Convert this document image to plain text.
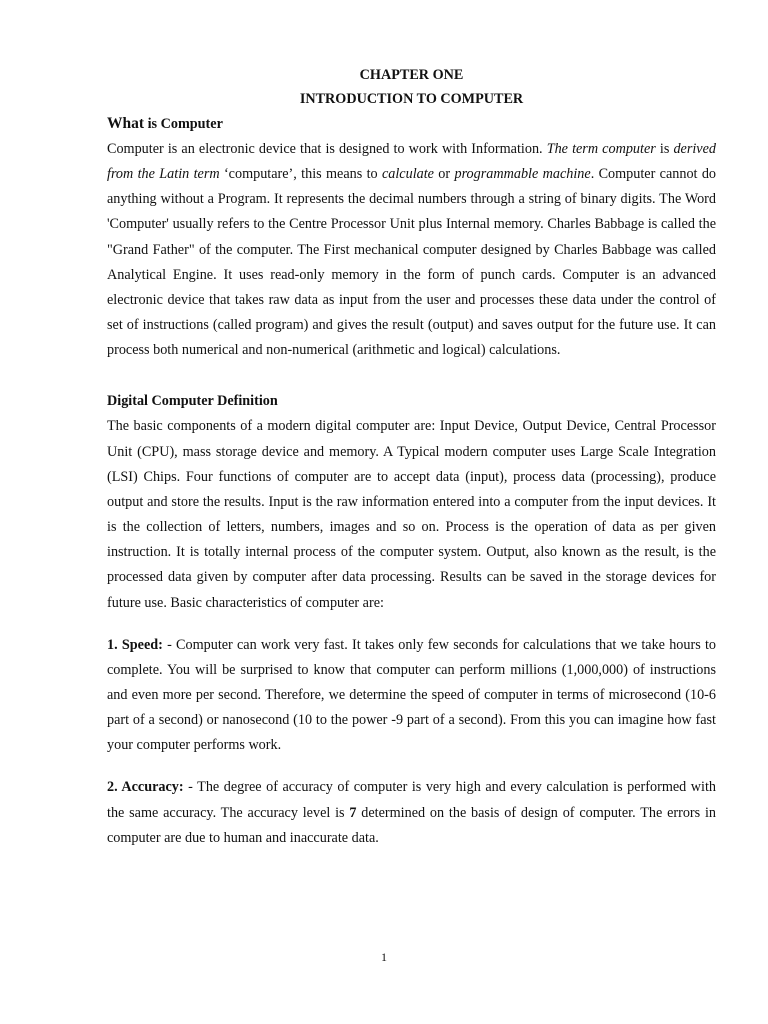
CHAPTER ONE
INTRODUCTION TO COMPUTER
What is Computer

Computer is an electronic device that is designed to work with Information. The term computer is derived from the Latin term ‘computare’, this means to calculate or programmable machine. Computer cannot do anything without a Program. It represents the decimal numbers through a string of binary digits. The Word 'Computer' usually refers to the Centre Processor Unit plus Internal memory. Charles Babbage is called the "Grand Father" of the computer. The First mechanical computer designed by Charles Babbage was called Analytical Engine. It uses read-only memory in the form of punch cards. Computer is an advanced electronic device that takes raw data as input from the user and processes these data under the control of set of instructions (called program) and gives the result (output) and saves output for the future use. It can process both numerical and non-numerical (arithmetic and logical) calculations.

Digital Computer Definition

The basic components of a modern digital computer are: Input Device, Output Device, Central Processor Unit (CPU), mass storage device and memory. A Typical modern computer uses Large Scale Integration (LSI) Chips. Four functions of computer are to accept data (input), process data (processing), produce output and store the results. Input is the raw information entered into a computer from the input devices. It is the collection of letters, numbers, images and so on. Process is the operation of data as per given instruction. It is totally internal process of the computer system. Output, also known as the result, is the processed data given by computer after data processing. Results can be saved in the storage devices for future use. Basic characteristics of computer are:

1. Speed: - Computer can work very fast. It takes only few seconds for calculations that we take hours to complete. You will be surprised to know that computer can perform millions (1,000,000) of instructions and even more per second. Therefore, we determine the speed of computer in terms of microsecond (10-6 part of a second) or nanosecond (10 to the power -9 part of a second). From this you can imagine how fast your computer performs work.

2. Accuracy: - The degree of accuracy of computer is very high and every calculation is performed with the same accuracy. The accuracy level is 7 determined on the basis of design of computer. The errors in computer are due to human and inaccurate data.

1
